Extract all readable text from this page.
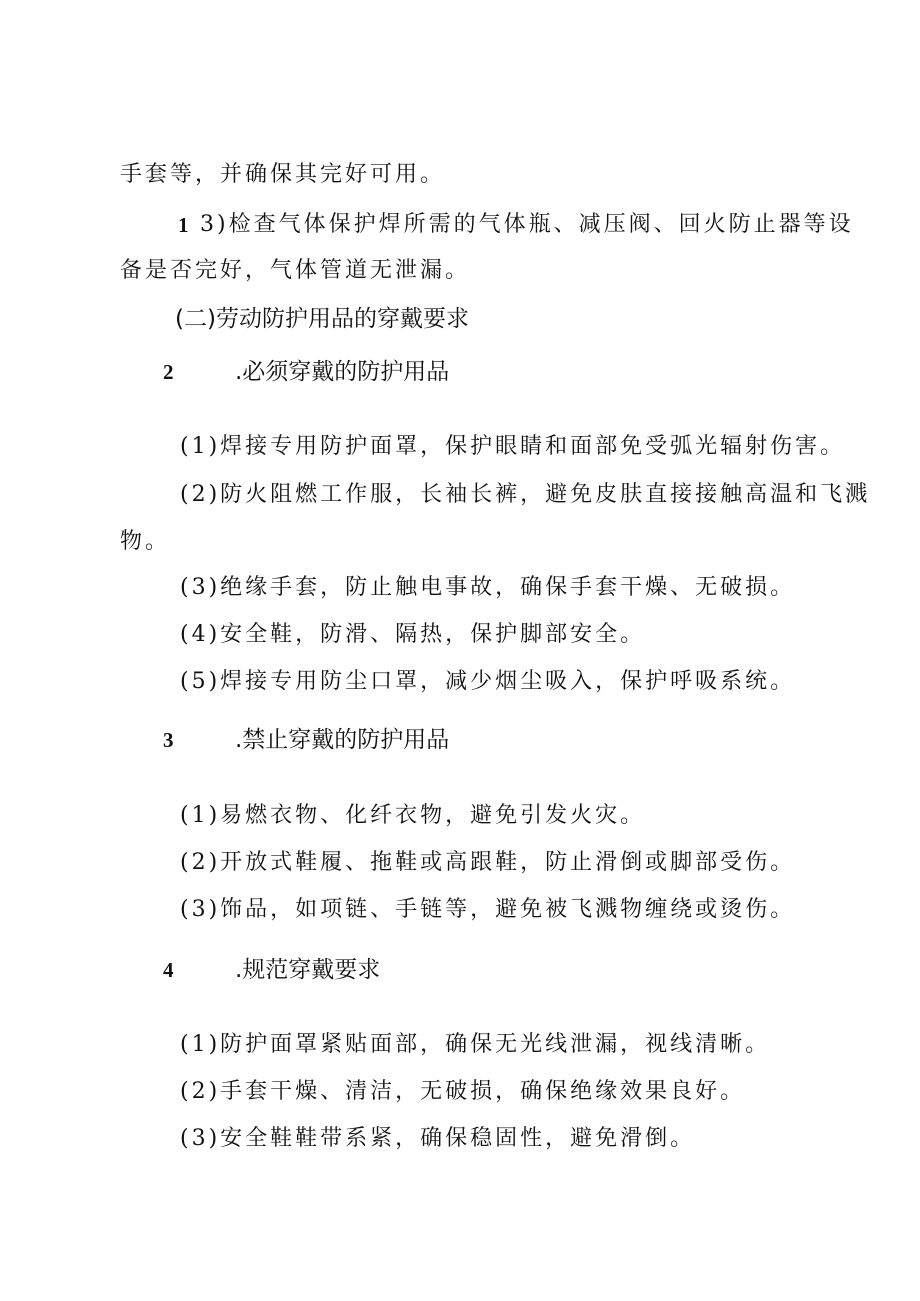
手套等，并确保其完好可用。
1 3)检查气体保护焊所需的气体瓶、减压阀、回火防止器等设
备是否完好，气体管道无泄漏。
(二)劳动防护用品的穿戴要求
2	.必须穿戴的防护用品
(1)焊接专用防护面罩，保护眼睛和面部免受弧光辐射伤害。
(2)防火阻燃工作服，长袖长裤，避免皮肤直接接触高温和飞溅
物。
(3)绝缘手套，防止触电事故，确保手套干燥、无破损。
(4)安全鞋，防滑、隔热，保护脚部安全。
(5)焊接专用防尘口罩，减少烟尘吸入，保护呼吸系统。
3	.禁止穿戴的防护用品
(1)易燃衣物、化纤衣物，避免引发火灾。
(2)开放式鞋履、拖鞋或高跟鞋，防止滑倒或脚部受伤。
(3)饰品，如项链、手链等，避免被飞溅物缠绕或烫伤。
4	.规范穿戴要求
(1)防护面罩紧贴面部，确保无光线泄漏，视线清晰。
(2)手套干燥、清洁，无破损，确保绝缘效果良好。
(3)安全鞋鞋带系紧，确保稳固性，避免滑倒。
